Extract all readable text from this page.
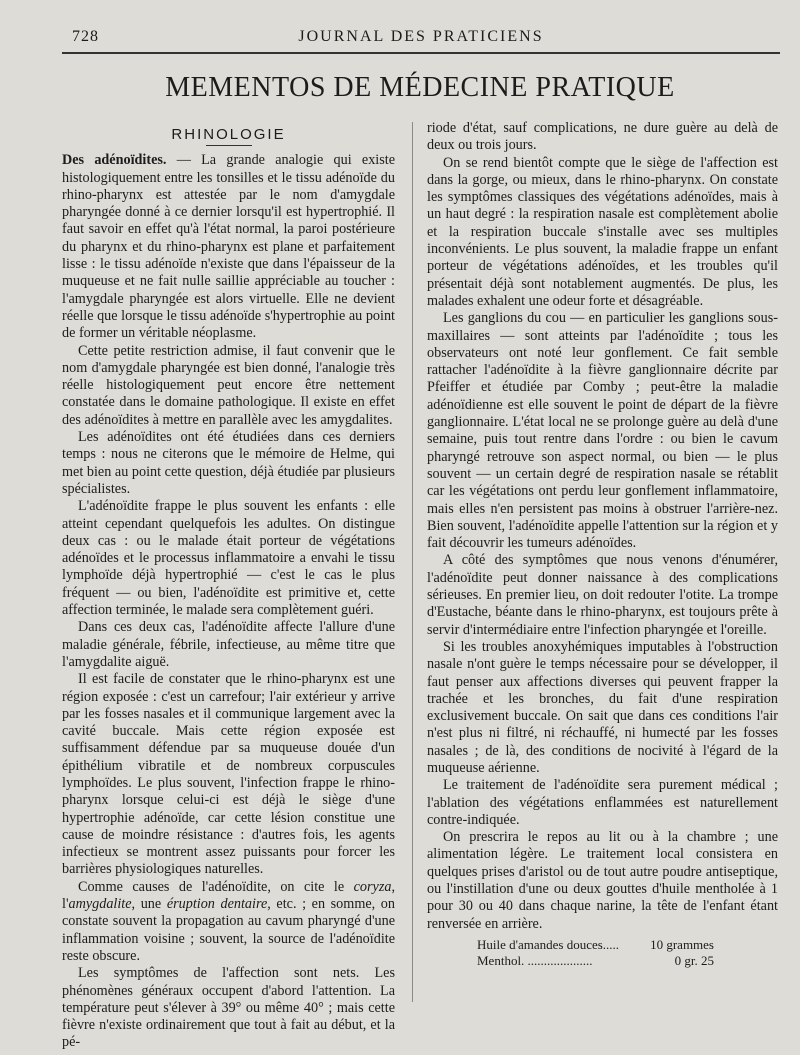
728	JOURNAL DES PRATICIENS
MEMENTOS DE MÉDECINE PRATIQUE
RHINOLOGIE

Des adénoïdites. — La grande analogie qui existe histologiquement entre les tonsilles et le tissu adénoïde du rhino-pharynx est attestée par le nom d'amygdale pharyngée donné à ce dernier lorsqu'il est hypertrophié. Il faut savoir en effet qu'à l'état normal, la paroi postérieure du pharynx et du rhino-pharynx est plane et parfaitement lisse : le tissu adénoïde n'existe que dans l'épaisseur de la muqueuse et ne fait nulle saillie appréciable au toucher : l'amygdale pharyngée est alors virtuelle. Elle ne devient réelle que lorsque le tissu adénoïde s'hypertrophie au point de former un véritable néoplasme.

Cette petite restriction admise, il faut convenir que le nom d'amygdale pharyngée est bien donné, l'analogie très réelle histologiquement peut encore être nettement constatée dans le domaine pathologique. Il existe en effet des adénoïdites à mettre en parallèle avec les amygdalites.

Les adénoïdites ont été étudiées dans ces derniers temps : nous ne citerons que le mémoire de Helme, qui met bien au point cette question, déjà étudiée par plusieurs spécialistes.

L'adénoïdite frappe le plus souvent les enfants : elle atteint cependant quelquefois les adultes. On distingue deux cas : ou le malade était porteur de végétations adénoïdes et le processus inflammatoire a envahi le tissu lymphoïde déjà hypertrophié — c'est le cas le plus fréquent — ou bien, l'adénoïdite est primitive et, cette affection terminée, le malade sera complètement guéri.

Dans ces deux cas, l'adénoïdite affecte l'allure d'une maladie générale, fébrile, infectieuse, au même titre que l'amygdalite aiguë.

Il est facile de constater que le rhino-pharynx est une région exposée : c'est un carrefour; l'air extérieur y arrive par les fosses nasales et il communique largement avec la cavité buccale. Mais cette région exposée est suffisamment défendue par sa muqueuse douée d'un épithélium vibratile et de nombreux corpuscules lymphoïdes. Le plus souvent, l'infection frappe le rhino-pharynx lorsque celui-ci est déjà le siège d'une hypertrophie adénoïde, car cette lésion constitue une cause de moindre résistance : d'autres fois, les agents infectieux se montrent assez puissants pour forcer les barrières physiologiques naturelles.

Comme causes de l'adénoïdite, on cite le coryza, l'amygdalite, une éruption dentaire, etc. ; en somme, on constate souvent la propagation au cavum pharyngé d'une inflammation voisine ; souvent, la source de l'adénoïdite reste obscure.

Les symptômes de l'affection sont nets. Les phénomènes généraux occupent d'abord l'attention. La température peut s'élever à 39° ou même 40° ; mais cette fièvre n'existe ordinairement que tout à fait au début, et la pé-

riode d'état, sauf complications, ne dure guère au delà de deux ou trois jours.

On se rend bientôt compte que le siège de l'affection est dans la gorge, ou mieux, dans le rhino-pharynx. On constate les symptômes classiques des végétations adénoïdes, mais à un haut degré : la respiration nasale est complètement abolie et la respiration buccale s'installe avec ses multiples inconvénients. Le plus souvent, la maladie frappe un enfant porteur de végétations adénoïdes, et les troubles qu'il présentait déjà sont notablement augmentés. De plus, les malades exhalent une odeur forte et désagréable.

Les ganglions du cou — en particulier les ganglions sous-maxillaires — sont atteints par l'adénoïdite ; tous les observateurs ont noté leur gonflement. Ce fait semble rattacher l'adénoïdite à la fièvre ganglionnaire décrite par Pfeiffer et étudiée par Comby ; peut-être la maladie adénoïdienne est elle souvent le point de départ de la fièvre ganglionnaire. L'état local ne se prolonge guère au delà d'une semaine, puis tout rentre dans l'ordre : ou bien le cavum pharyngé retrouve son aspect normal, ou bien — le plus souvent — un certain degré de respiration nasale se rétablit car les végétations ont perdu leur gonflement inflammatoire, mais elles n'en persistent pas moins à obstruer l'arrière-nez. Bien souvent, l'adénoïdite appelle l'attention sur la région et y fait découvrir les tumeurs adénoïdes.

A côté des symptômes que nous venons d'énumérer, l'adénoïdite peut donner naissance à des complications sérieuses. En premier lieu, on doit redouter l'otite. La trompe d'Eustache, béante dans le rhino-pharynx, est toujours prête à servir d'intermédiaire entre l'infection pharyngée et l'oreille.

Si les troubles anoxyhémiques imputables à l'obstruction nasale n'ont guère le temps nécessaire pour se développer, il faut penser aux affections diverses qui peuvent frapper la trachée et les bronches, du fait d'une respiration exclusivement buccale. On sait que dans ces conditions l'air n'est plus ni filtré, ni réchauffé, ni humecté par les fosses nasales ; de là, des conditions de nocivité à l'égard de la muqueuse aérienne.

Le traitement de l'adénoïdite sera purement médical ; l'ablation des végétations enflammées est naturellement contre-indiquée.

On prescrira le repos au lit ou à la chambre ; une alimentation légère. Le traitement local consistera en quelques prises d'aristol ou de tout autre poudre antiseptique, ou l'instillation d'une ou deux gouttes d'huile mentholée à 1 pour 30 ou 40 dans chaque narine, la tête de l'enfant étant renversée en arrière.

Huile d'amandes douces.....	10 grammes
Menthol. ....................	0 gr. 25
